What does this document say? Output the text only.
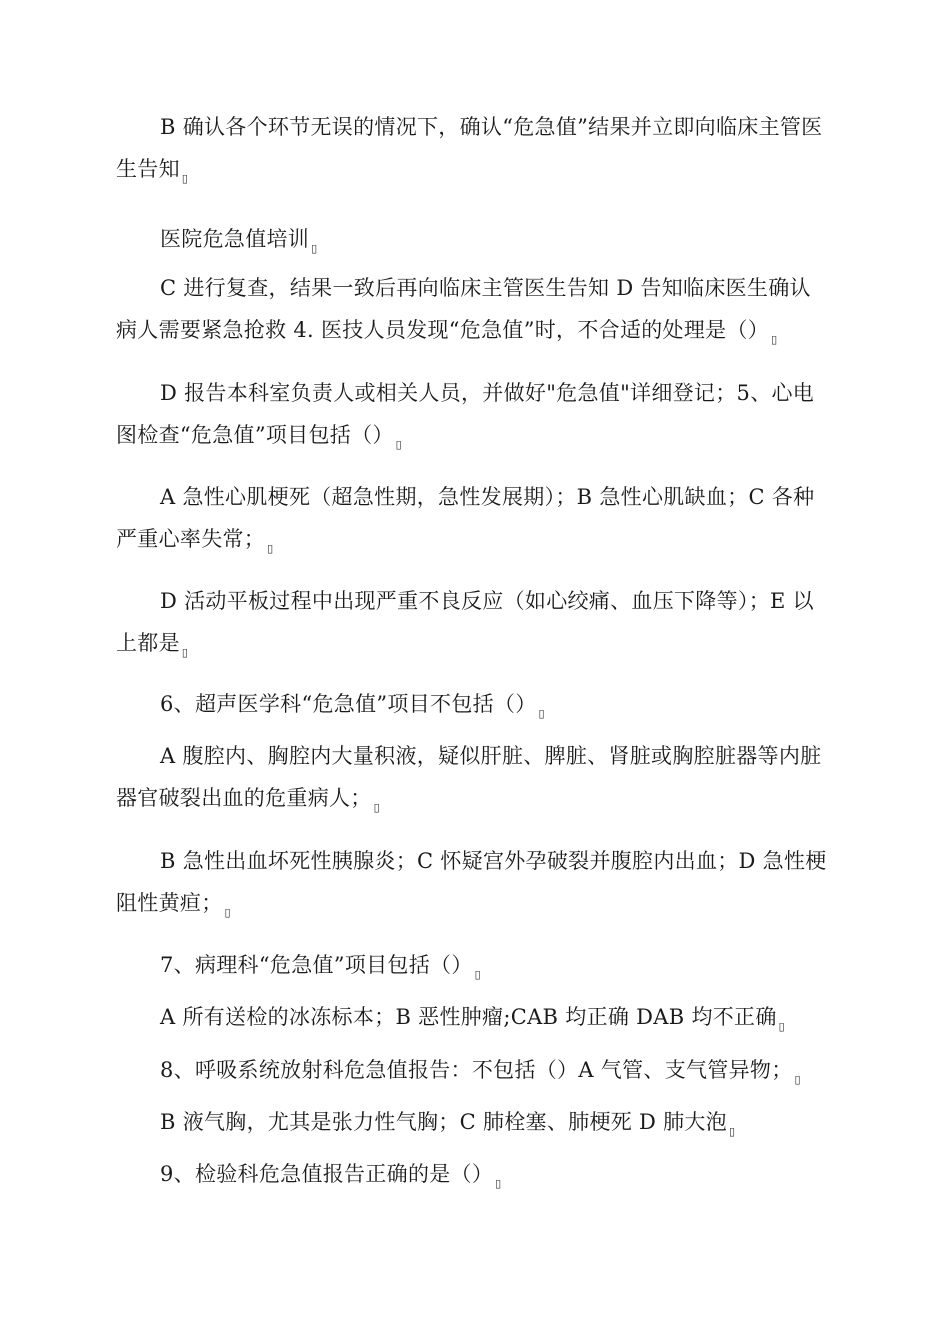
B 确认各个环节无误的情况下，确认“危急值”结果并立即向临床主管医生告知 ▯

医院危急值培训 ▯

C 进行复查，结果一致后再向临床主管医生告知 D 告知临床医生确认病人需要紧急抢救 4. 医技人员发现“危急值”时，不合适的处理是（） ▯

D 报告本科室负责人或相关人员，并做好"危急值"详细登记；5、心电图检查“危急值”项目包括（） ▯

A 急性心肌梗死（超急性期，急性发展期）；B 急性心肌缺血；C 各种严重心率失常； ▯

D 活动平板过程中出现严重不良反应（如心绞痛、血压下降等）；E 以上都是 ▯

6、超声医学科“危急值”项目不包括（） ▯

A 腹腔内、胸腔内大量积液，疑似肝脏、脾脏、肾脏或胸腔脏器等内脏器官破裂出血的危重病人； ▯

B 急性出血坏死性胰腺炎；C 怀疑宫外孕破裂并腹腔内出血；D 急性梗阻性黄疸； ▯

7、病理科“危急值”项目包括（） ▯

A 所有送检的冰冻标本；B 恶性肿瘤;CAB 均正确 DAB 均不正确 ▯

8、呼吸系统放射科危急值报告：不包括（）A 气管、支气管异物； ▯

B 液气胸，尤其是张力性气胸；C 肺栓塞、肺梗死 D 肺大泡 ▯

9、检验科危急值报告正确的是（） ▯
